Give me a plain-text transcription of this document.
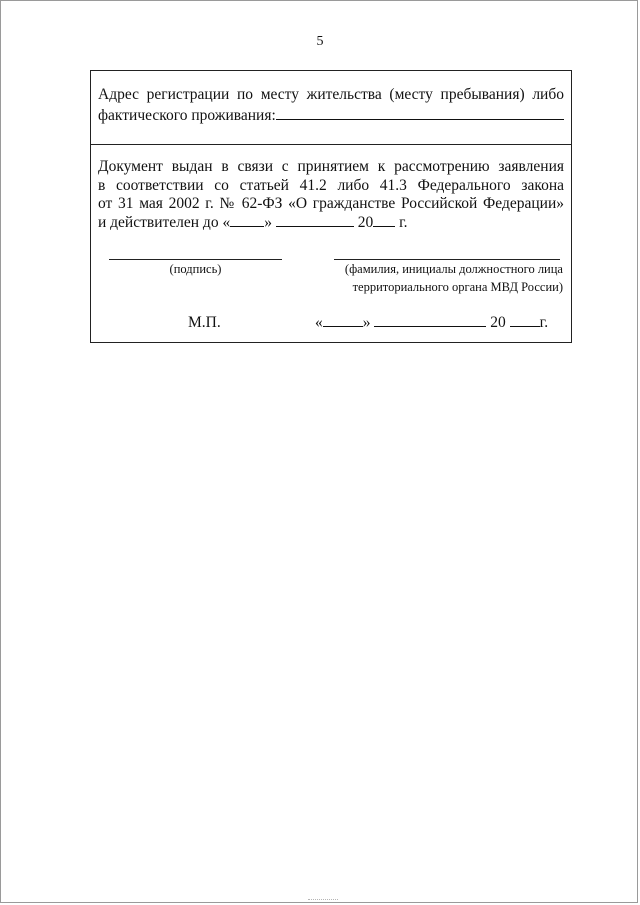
5
Адрес регистрации по месту жительства (месту пребывания) либо
фактического проживания:
Документ выдан в связи с принятием к рассмотрению заявления
в соответствии со статьей 41.2 либо 41.3 Федерального закона
от 31 мая 2002 г. № 62-ФЗ «О гражданстве Российской Федерации»
и действителен до « »	20 г.
(подпись)	(фамилия, инициалы должностного лица
территориального органа МВД России)
М.П.	«	»	20 г.
